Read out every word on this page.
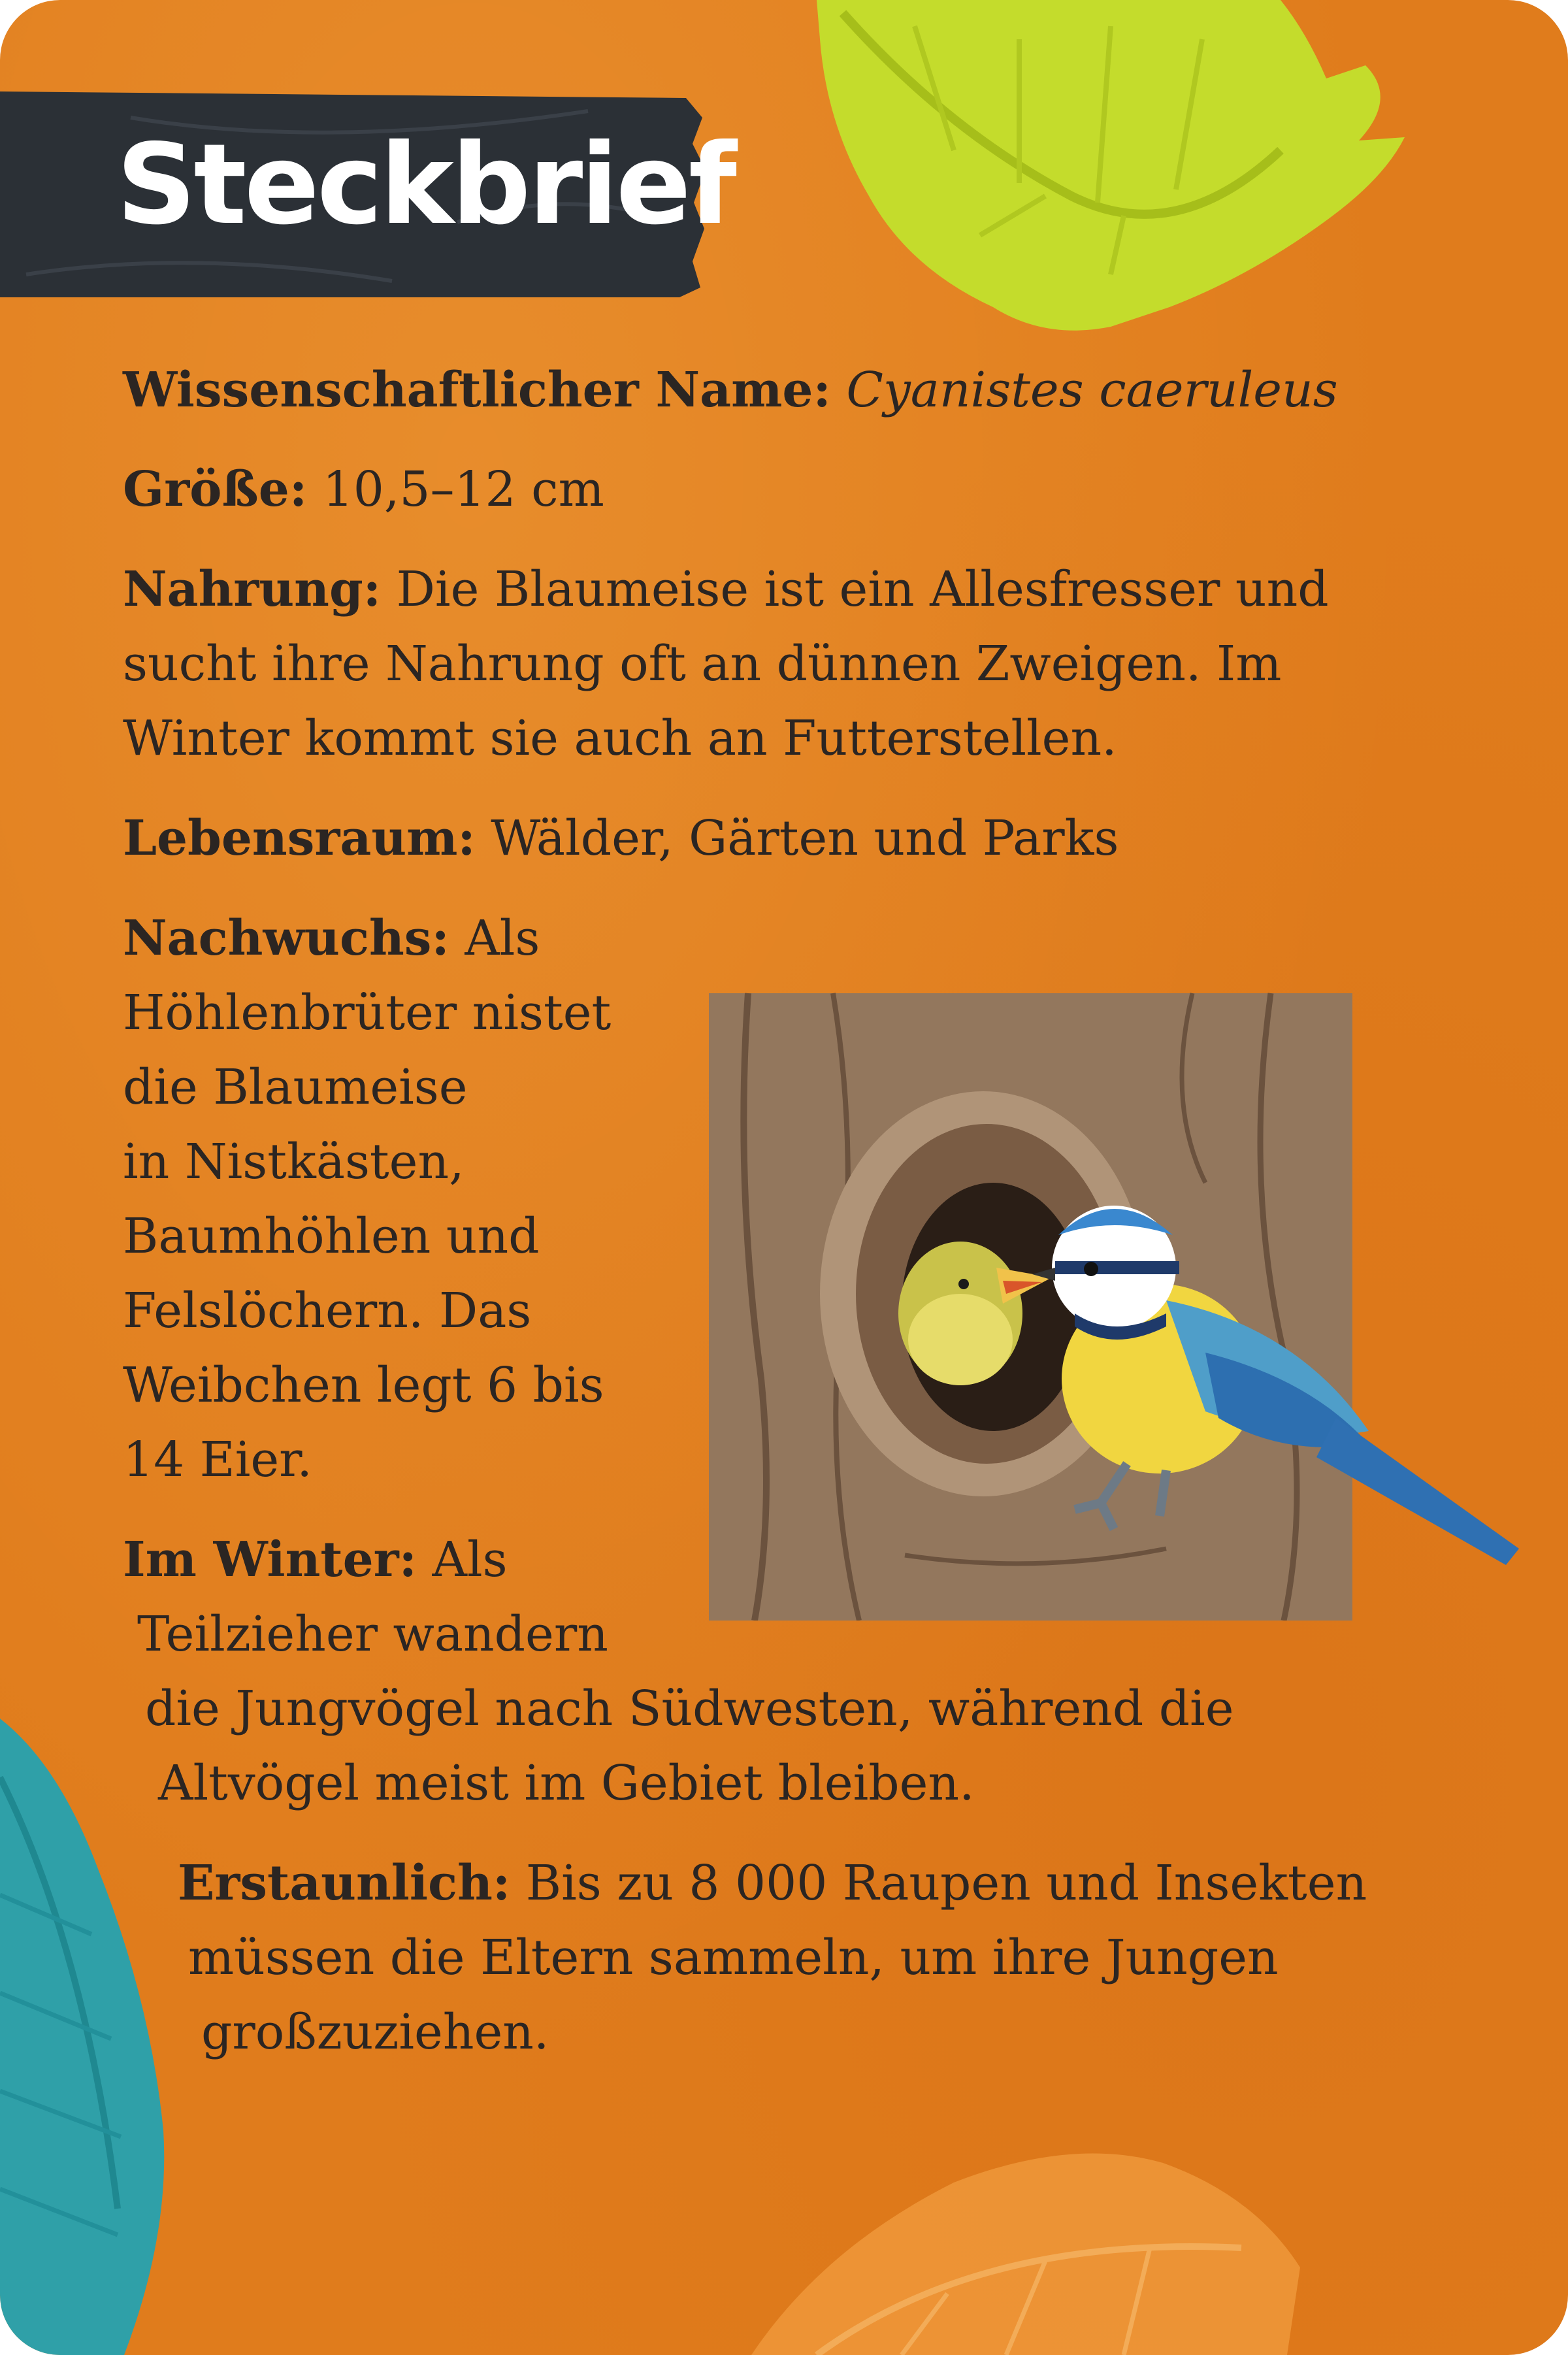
Steckbrief

Wissenschaftlicher Name: Cyanistes caeruleus

Größe: 10,5–12 cm

Nahrung: Die Blaumeise ist ein Allesfresser und

sucht ihre Nahrung oft an dünnen Zweigen. Im

Winter kommt sie auch an Futterstellen.

Lebensraum: Wälder, Gärten und Parks

Nachwuchs: Als

Höhlenbrüter nistet

die Blaumeise

in Nistkästen,

Baumhöhlen und

Felslöchern. Das

Weibchen legt 6 bis

14 Eier.

Im Winter: Als

Teilzieher wandern

die Jungvögel nach Südwesten, während die

Altvögel meist im Gebiet bleiben.

Erstaunlich: Bis zu 8 000 Raupen und Insekten

müssen die Eltern sammeln, um ihre Jungen

großzuziehen.
